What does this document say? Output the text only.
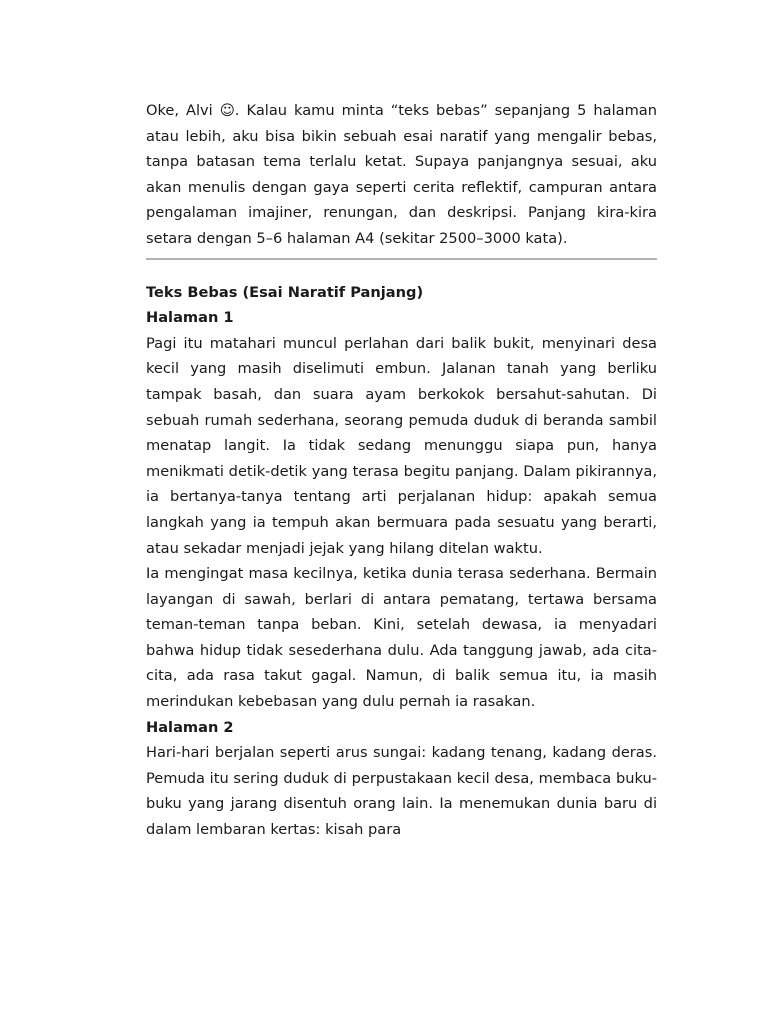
Oke, Alvi ☺. Kalau kamu minta “teks bebas” sepanjang 5 halaman atau lebih, aku bisa bikin sebuah esai naratif yang mengalir bebas, tanpa batasan tema terlalu ketat. Supaya panjangnya sesuai, aku akan menulis dengan gaya seperti cerita reflektif, campuran antara pengalaman imajiner, renungan, dan deskripsi. Panjang kira-kira setara dengan 5–6 halaman A4 (sekitar 2500–3000 kata).

Teks Bebas (Esai Naratif Panjang)

Halaman 1

Pagi itu matahari muncul perlahan dari balik bukit, menyinari desa kecil yang masih diselimuti embun. Jalanan tanah yang berliku tampak basah, dan suara ayam berkokok bersahut-sahutan. Di sebuah rumah sederhana, seorang pemuda duduk di beranda sambil menatap langit. Ia tidak sedang menunggu siapa pun, hanya menikmati detik-detik yang terasa begitu panjang. Dalam pikirannya, ia bertanya-tanya tentang arti perjalanan hidup: apakah semua langkah yang ia tempuh akan bermuara pada sesuatu yang berarti, atau sekadar menjadi jejak yang hilang ditelan waktu.

Ia mengingat masa kecilnya, ketika dunia terasa sederhana. Bermain layangan di sawah, berlari di antara pematang, tertawa bersama teman-teman tanpa beban. Kini, setelah dewasa, ia menyadari bahwa hidup tidak sesederhana dulu. Ada tanggung jawab, ada cita-cita, ada rasa takut gagal. Namun, di balik semua itu, ia masih merindukan kebebasan yang dulu pernah ia rasakan.

Halaman 2

Hari-hari berjalan seperti arus sungai: kadang tenang, kadang deras. Pemuda itu sering duduk di perpustakaan kecil desa, membaca buku-buku yang jarang disentuh orang lain. Ia menemukan dunia baru di dalam lembaran kertas: kisah para
